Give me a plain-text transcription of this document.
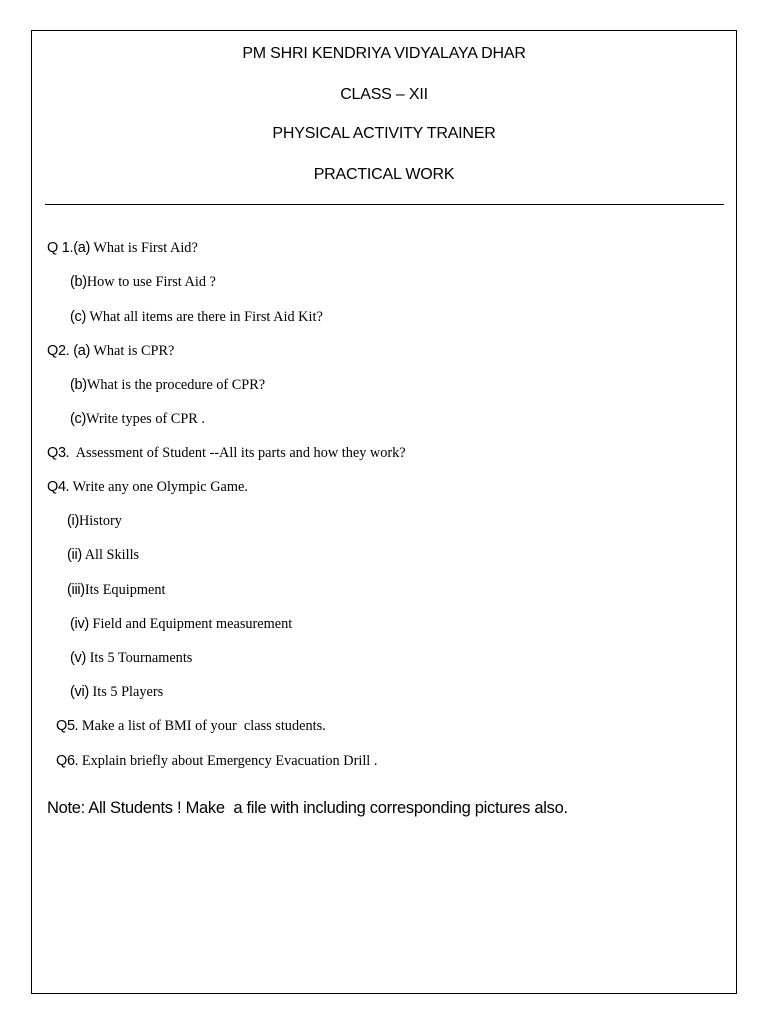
PM SHRI KENDRIYA VIDYALAYA DHAR
CLASS – XII
PHYSICAL ACTIVITY TRAINER
PRACTICAL WORK
Q 1.(a) What is First Aid?
(b)How to use First Aid ?
(c) What all items are there in First Aid Kit?
Q2. (a) What is CPR?
(b)What is the procedure of CPR?
(c)Write types of CPR .
Q3.  Assessment of Student --All its parts and how they work?
Q4. Write any one Olympic Game.
(i)History
(ii) All Skills
(iii)Its Equipment
(iv) Field and Equipment measurement
(v) Its 5 Tournaments
(vi) Its 5 Players
Q5. Make a list of BMI of your  class students.
Q6. Explain briefly about Emergency Evacuation Drill .
Note: All Students ! Make  a file with including corresponding pictures also.
